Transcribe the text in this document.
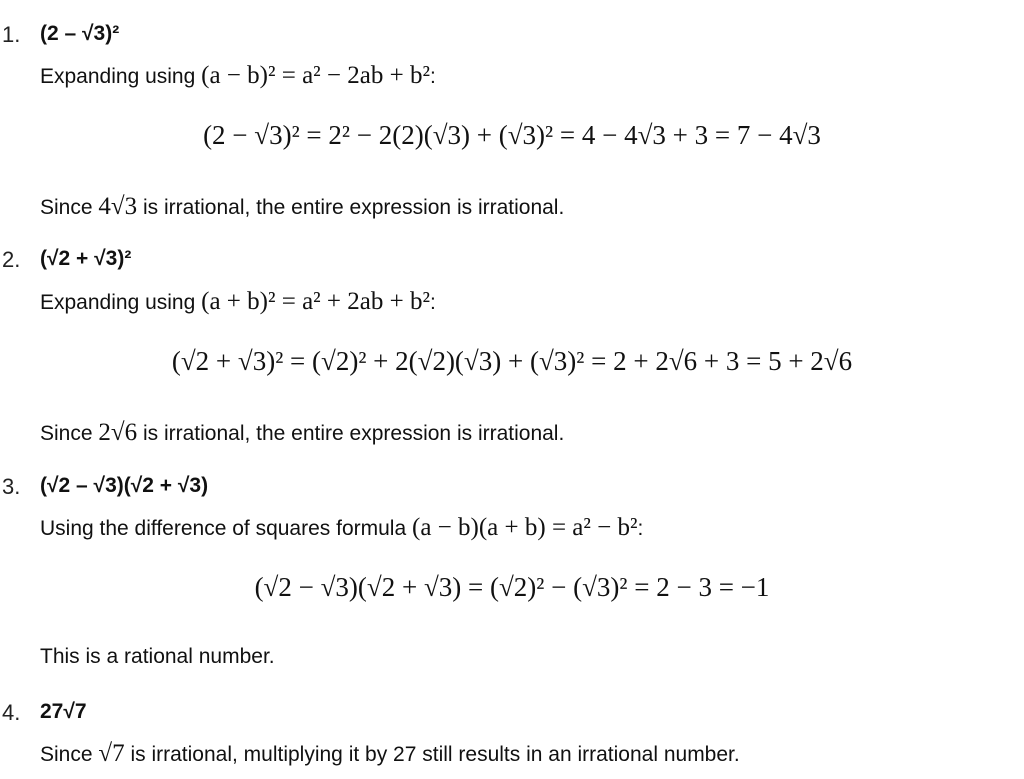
1. (2 – √3)²
Expanding using (a − b)² = a² − 2ab + b²:
(2 − √3)² = 2² − 2(2)(√3) + (√3)² = 4 − 4√3 + 3 = 7 − 4√3
Since 4√3 is irrational, the entire expression is irrational.
2. (√2 + √3)²
Expanding using (a + b)² = a² + 2ab + b²:
(√2 + √3)² = (√2)² + 2(√2)(√3) + (√3)² = 2 + 2√6 + 3 = 5 + 2√6
Since 2√6 is irrational, the entire expression is irrational.
3. (√2 – √3)(√2 + √3)
Using the difference of squares formula (a − b)(a + b) = a² − b²:
(√2 − √3)(√2 + √3) = (√2)² − (√3)² = 2 − 3 = −1
This is a rational number.
4. 27√7
Since √7 is irrational, multiplying it by 27 still results in an irrational number.
